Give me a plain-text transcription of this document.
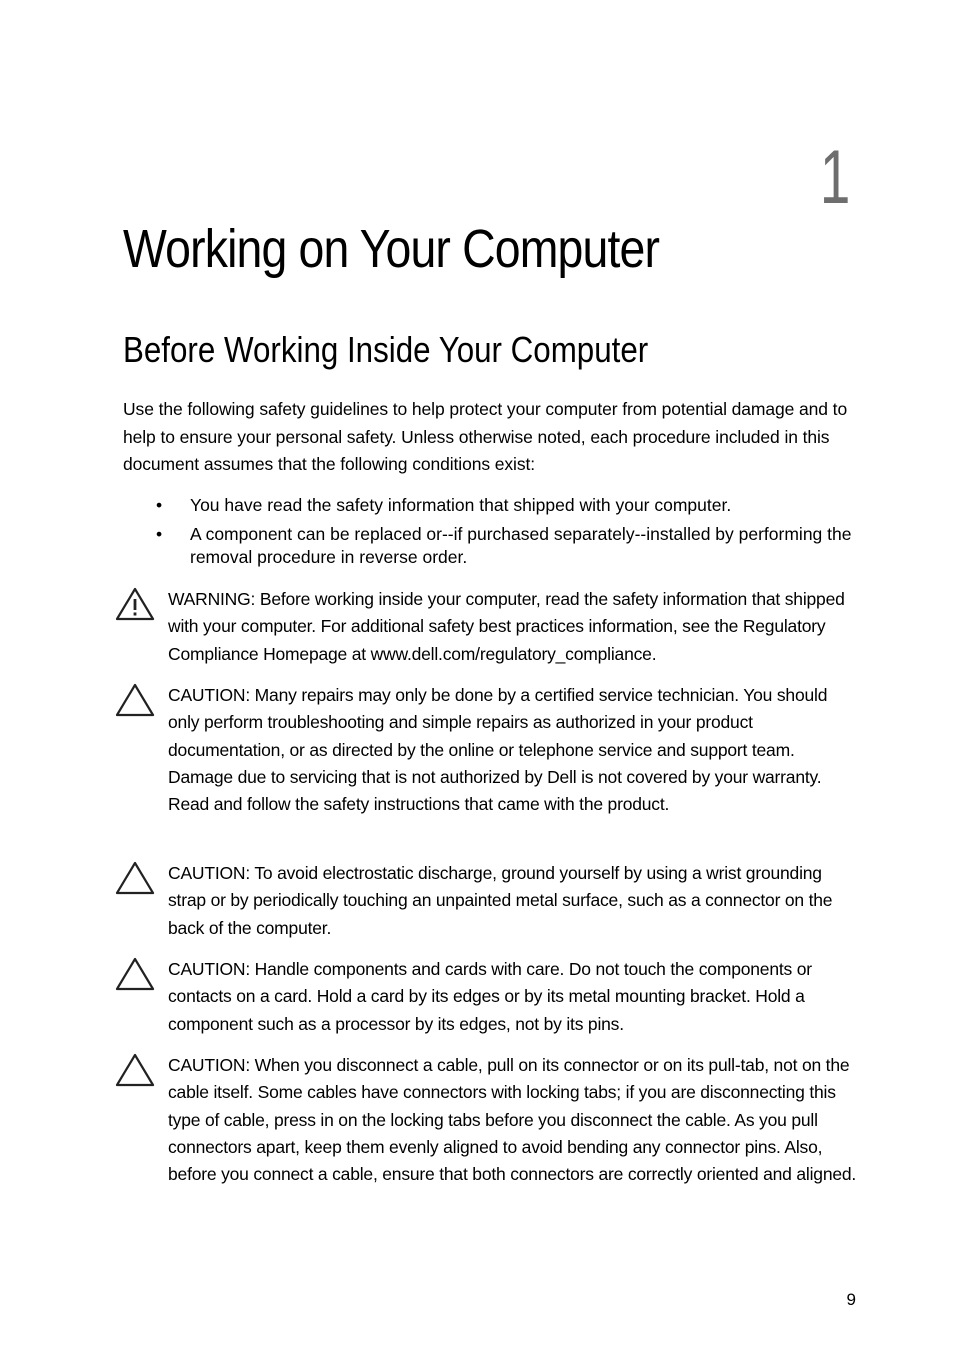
1
Working on Your Computer
Before Working Inside Your Computer

Use the following safety guidelines to help protect your computer from potential damage and to help to ensure your personal safety. Unless otherwise noted, each procedure included in this document assumes that the following conditions exist:

• You have read the safety information that shipped with your computer.
• A component can be replaced or--if purchased separately--installed by performing the removal procedure in reverse order.
WARNING: Before working inside your computer, read the safety information that shipped with your computer. For additional safety best practices information, see the Regulatory Compliance Homepage at www.dell.com/regulatory_compliance.
CAUTION: Many repairs may only be done by a certified service technician. You should only perform troubleshooting and simple repairs as authorized in your product documentation, or as directed by the online or telephone service and support team. Damage due to servicing that is not authorized by Dell is not covered by your warranty. Read and follow the safety instructions that came with the product.
CAUTION: To avoid electrostatic discharge, ground yourself by using a wrist grounding strap or by periodically touching an unpainted metal surface, such as a connector on the back of the computer.
CAUTION: Handle components and cards with care. Do not touch the components or contacts on a card. Hold a card by its edges or by its metal mounting bracket. Hold a component such as a processor by its edges, not by its pins.
CAUTION: When you disconnect a cable, pull on its connector or on its pull-tab, not on the cable itself. Some cables have connectors with locking tabs; if you are disconnecting this type of cable, press in on the locking tabs before you disconnect the cable. As you pull connectors apart, keep them evenly aligned to avoid bending any connector pins. Also, before you connect a cable, ensure that both connectors are correctly oriented and aligned.
9
